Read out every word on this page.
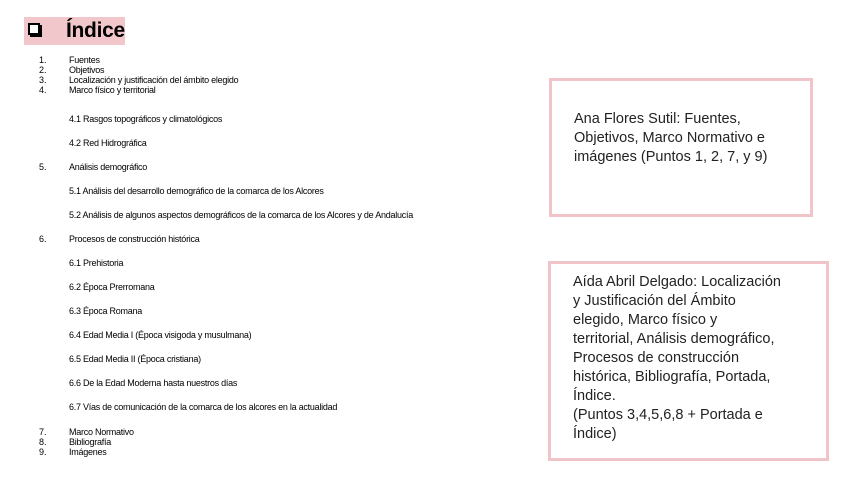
Índice
1. Fuentes
2. Objetivos
3. Localización y justificación del ámbito elegido
4. Marco físico y territorial
4.1 Rasgos topográficos y climatológicos
4.2 Red Hidrográfica
5. Análisis demográfico
5.1 Análisis del desarrollo demográfico de la comarca de los Alcores
5.2 Análisis de algunos aspectos demográficos de la comarca de los Alcores y de Andalucía
6. Procesos de construcción histórica
6.1 Prehistoria
6.2 Época Prerromana
6.3 Época Romana
6.4 Edad Media I (Época visigoda y musulmana)
6.5 Edad Media II (Época cristiana)
6.6 De la Edad Moderna hasta nuestros días
6.7 Vías de comunicación de la comarca de los alcores en la actualidad
7. Marco Normativo
8. Bibliografía
9. Imágenes
Ana Flores Sutil: Fuentes,
Objetivos, Marco Normativo e
imágenes (Puntos 1, 2, 7, y 9)
Aída Abril Delgado: Localización
y Justificación del Ámbito
elegido, Marco físico y
territorial, Análisis demográfico,
Procesos de construcción
histórica, Bibliografía, Portada,
Índice.
(Puntos 3,4,5,6,8 + Portada e
Índice)
